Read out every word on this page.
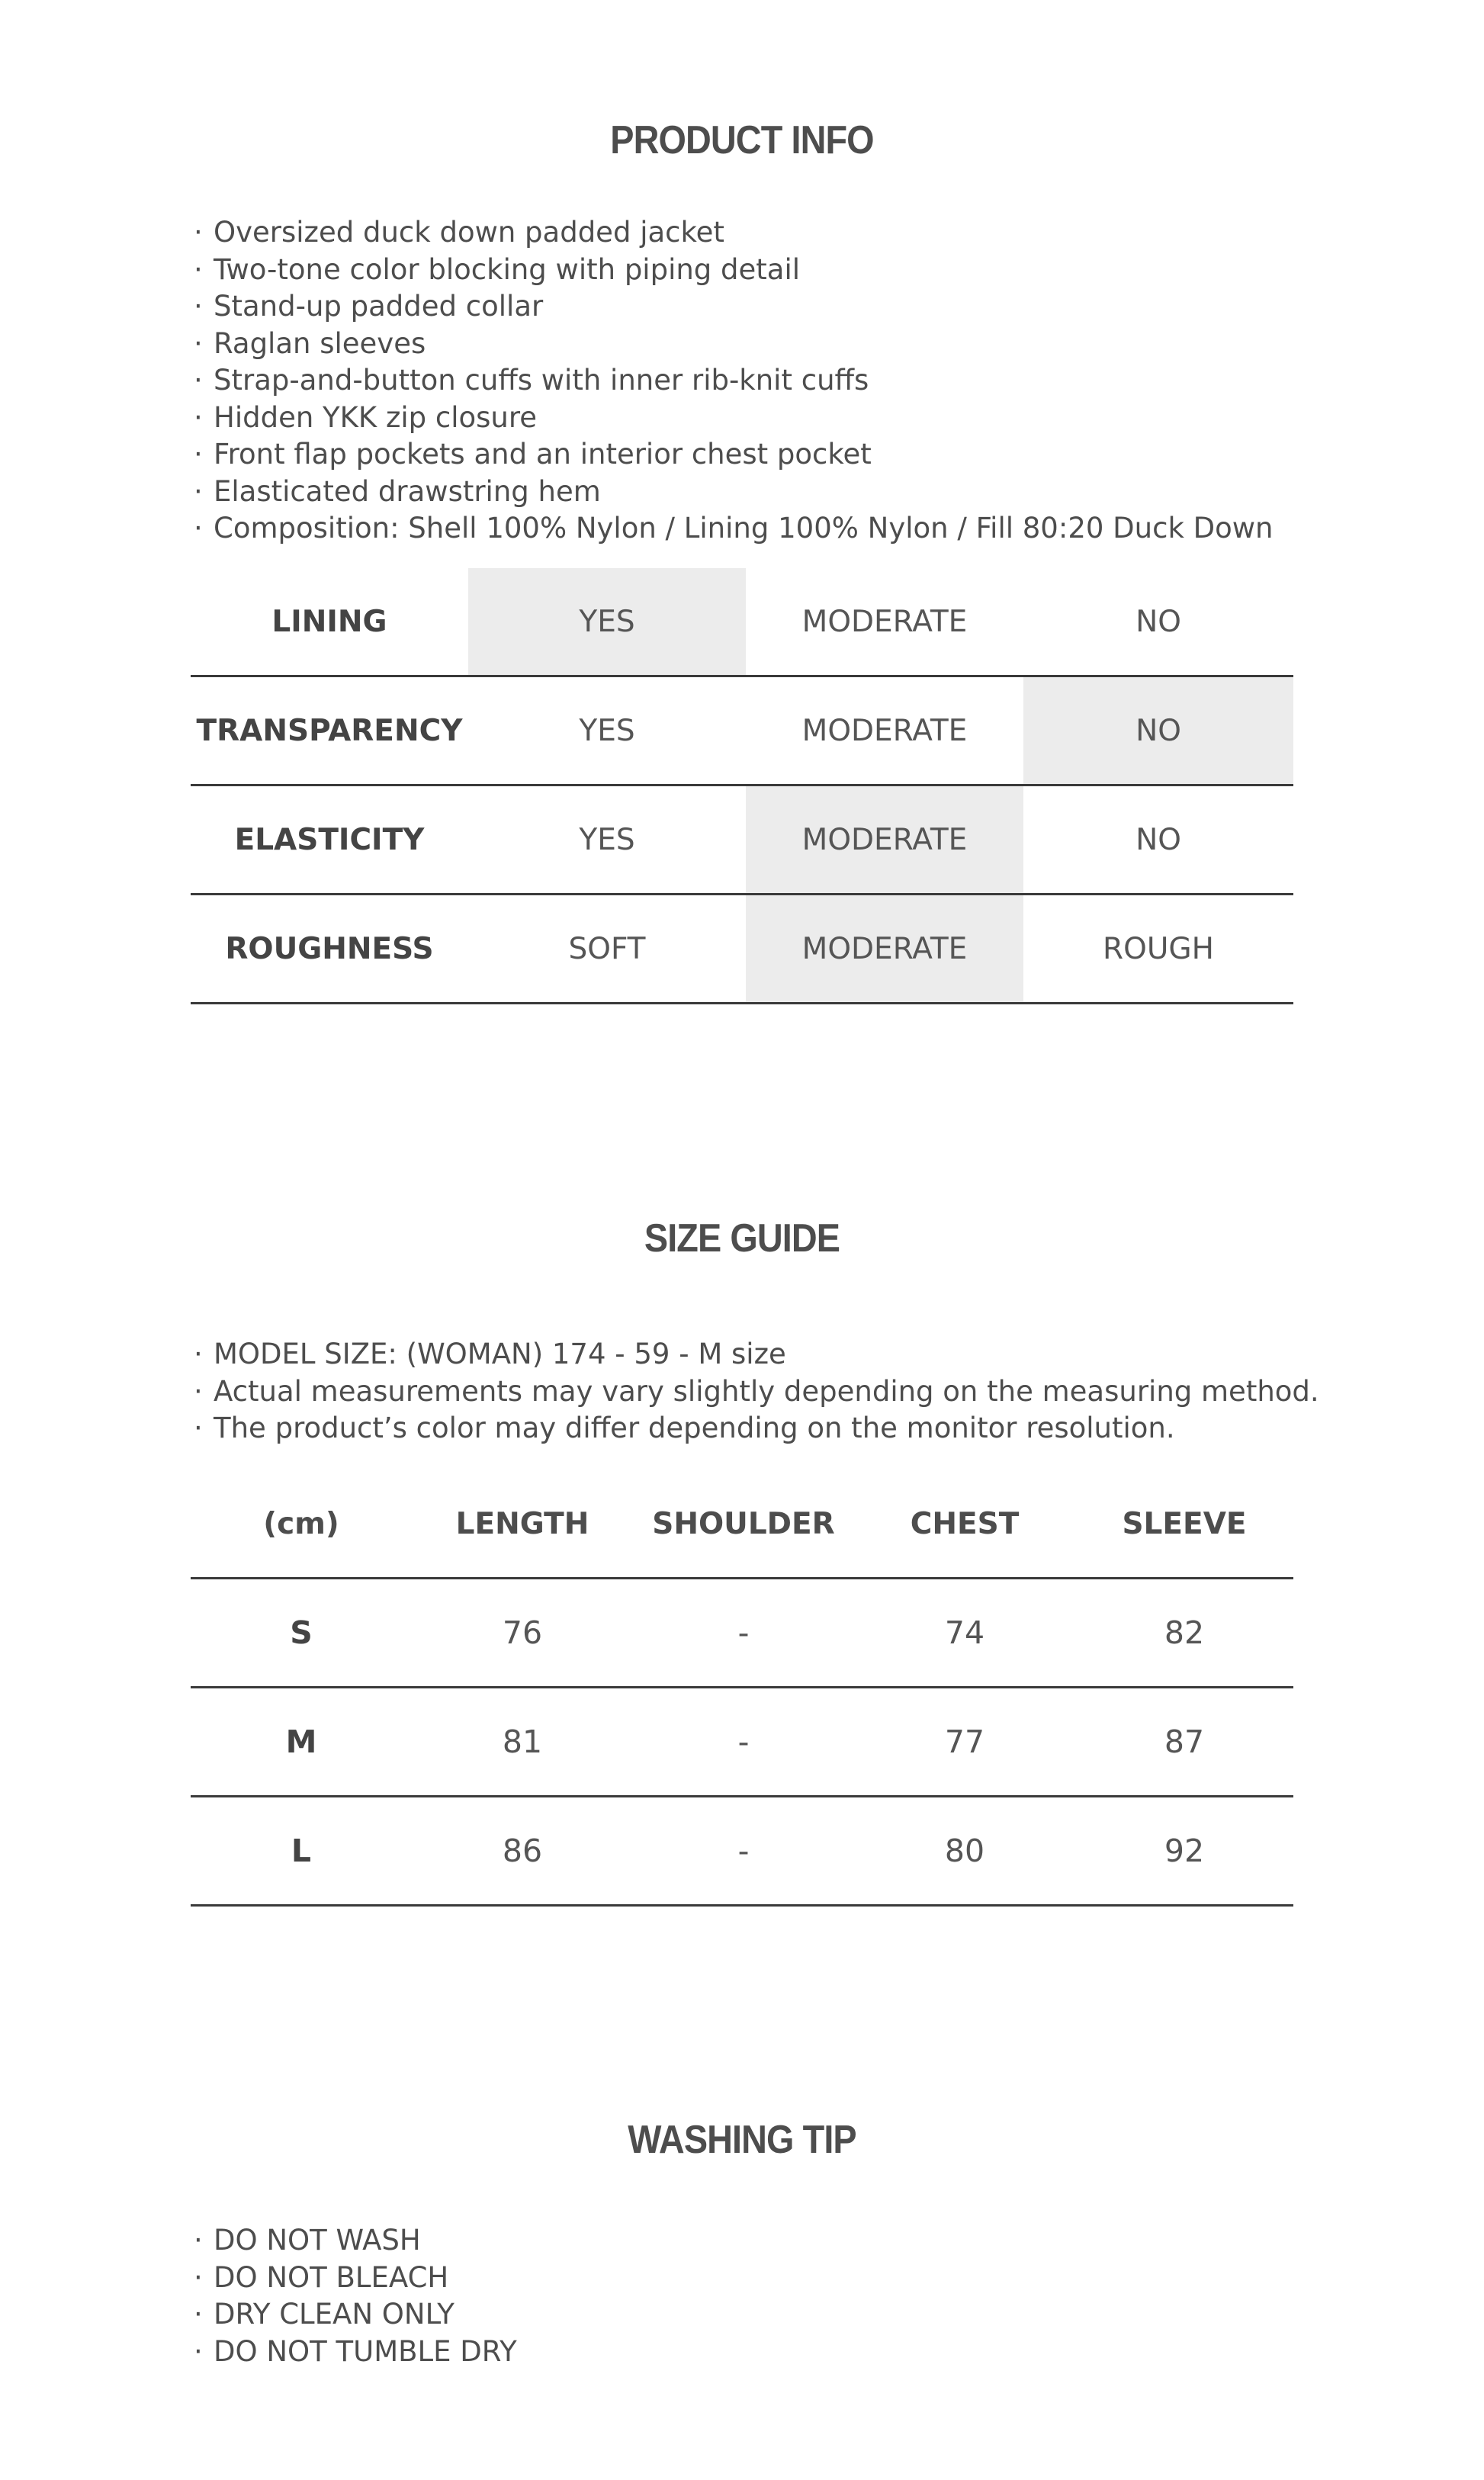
PRODUCT INFO
· Oversized duck down padded jacket
· Two-tone color blocking with piping detail
· Stand-up padded collar
· Raglan sleeves
· Strap-and-button cuffs with inner rib-knit cuffs
· Hidden YKK zip closure
· Front flap pockets and an interior chest pocket
· Elasticated drawstring hem
· Composition: Shell 100% Nylon / Lining 100% Nylon / Fill 80:20 Duck Down
LINING	YES	MODERATE	NO
TRANSPARENCY	YES	MODERATE	NO
ELASTICITY	YES	MODERATE	NO
ROUGHNESS	SOFT	MODERATE	ROUGH
SIZE GUIDE
· MODEL SIZE: (WOMAN) 174 - 59 - M size
· Actual measurements may vary slightly depending on the measuring method.
· The product’s color may differ depending on the monitor resolution.
(cm)	LENGTH	SHOULDER	CHEST	SLEEVE
S	76	-	74	82
M	81	-	77	87
L	86	-	80	92
WASHING TIP
· DO NOT WASH
· DO NOT BLEACH
· DRY CLEAN ONLY
· DO NOT TUMBLE DRY
